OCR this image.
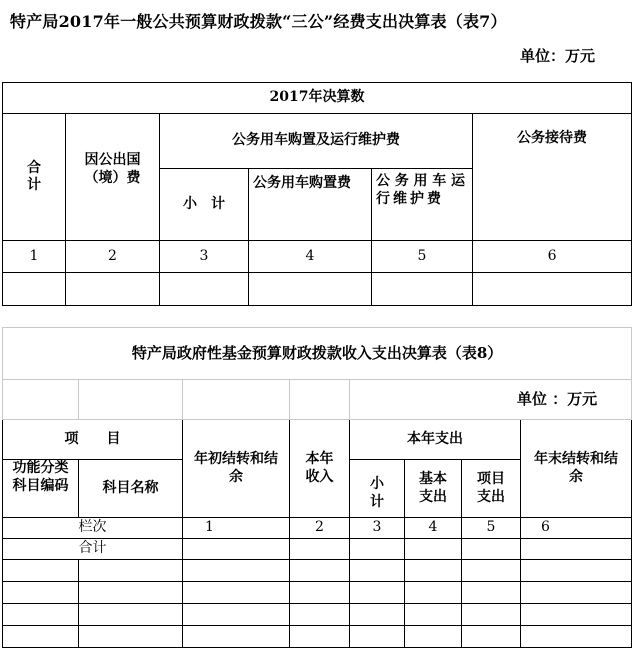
特产局2017年一般公共预算财政拨款“三公”经费支出决算表（表7）
单位：万元
2017年决算数					

合计	因公出国（境）费	公务用车购置及运行维护费			公务接待费
		小　计	公务用车购置费	公务用车运行维护费	
1	2	3	4	5	6

特产局政府性基金预算财政拨款收入支出决算表（表8）							
				单位 ：万元			
项　　目		年初结转和结余	本年收入	本年支出			年末结转和结余

功能分类科目编码	科目名称			小计	基本支出	项目支出	

栏次		1	2	3	4	5	6
合计							
